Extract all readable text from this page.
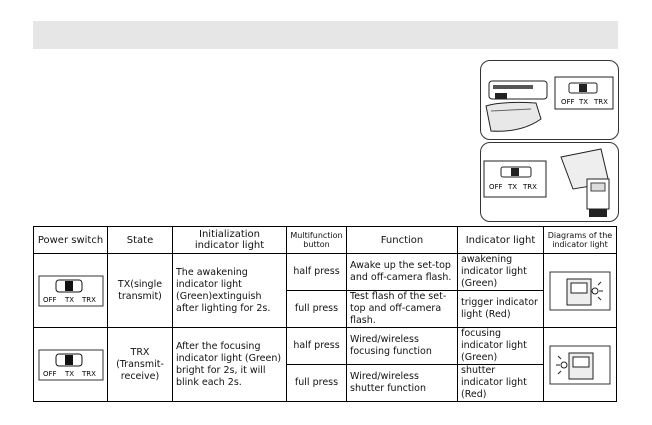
OFF TX TRX
OFF TX TRX
Power switch	State	Initialization indicator light	Multifunction button	Function	Indicator light	Diagrams of the indicator light

OFF TX TRX	TX(single transmit)	The awakening indicator light (Green)extinguish after lighting for 2s.	half press	Awake up the set-top and off-camera flash.	awakening indicator light (Green)	

			full press	Test flash of the set-top and off-camera flash.	trigger indicator light (Red)	

OFF TX TRX	TRX (Transmit-receive)	After the focusing indicator light (Green) bright for 2s, it will blink each 2s.	half press	Wired/wireless focusing function	focusing indicator light (Green)	

			full press	Wired/wireless shutter function	shutter indicator light (Red)	
